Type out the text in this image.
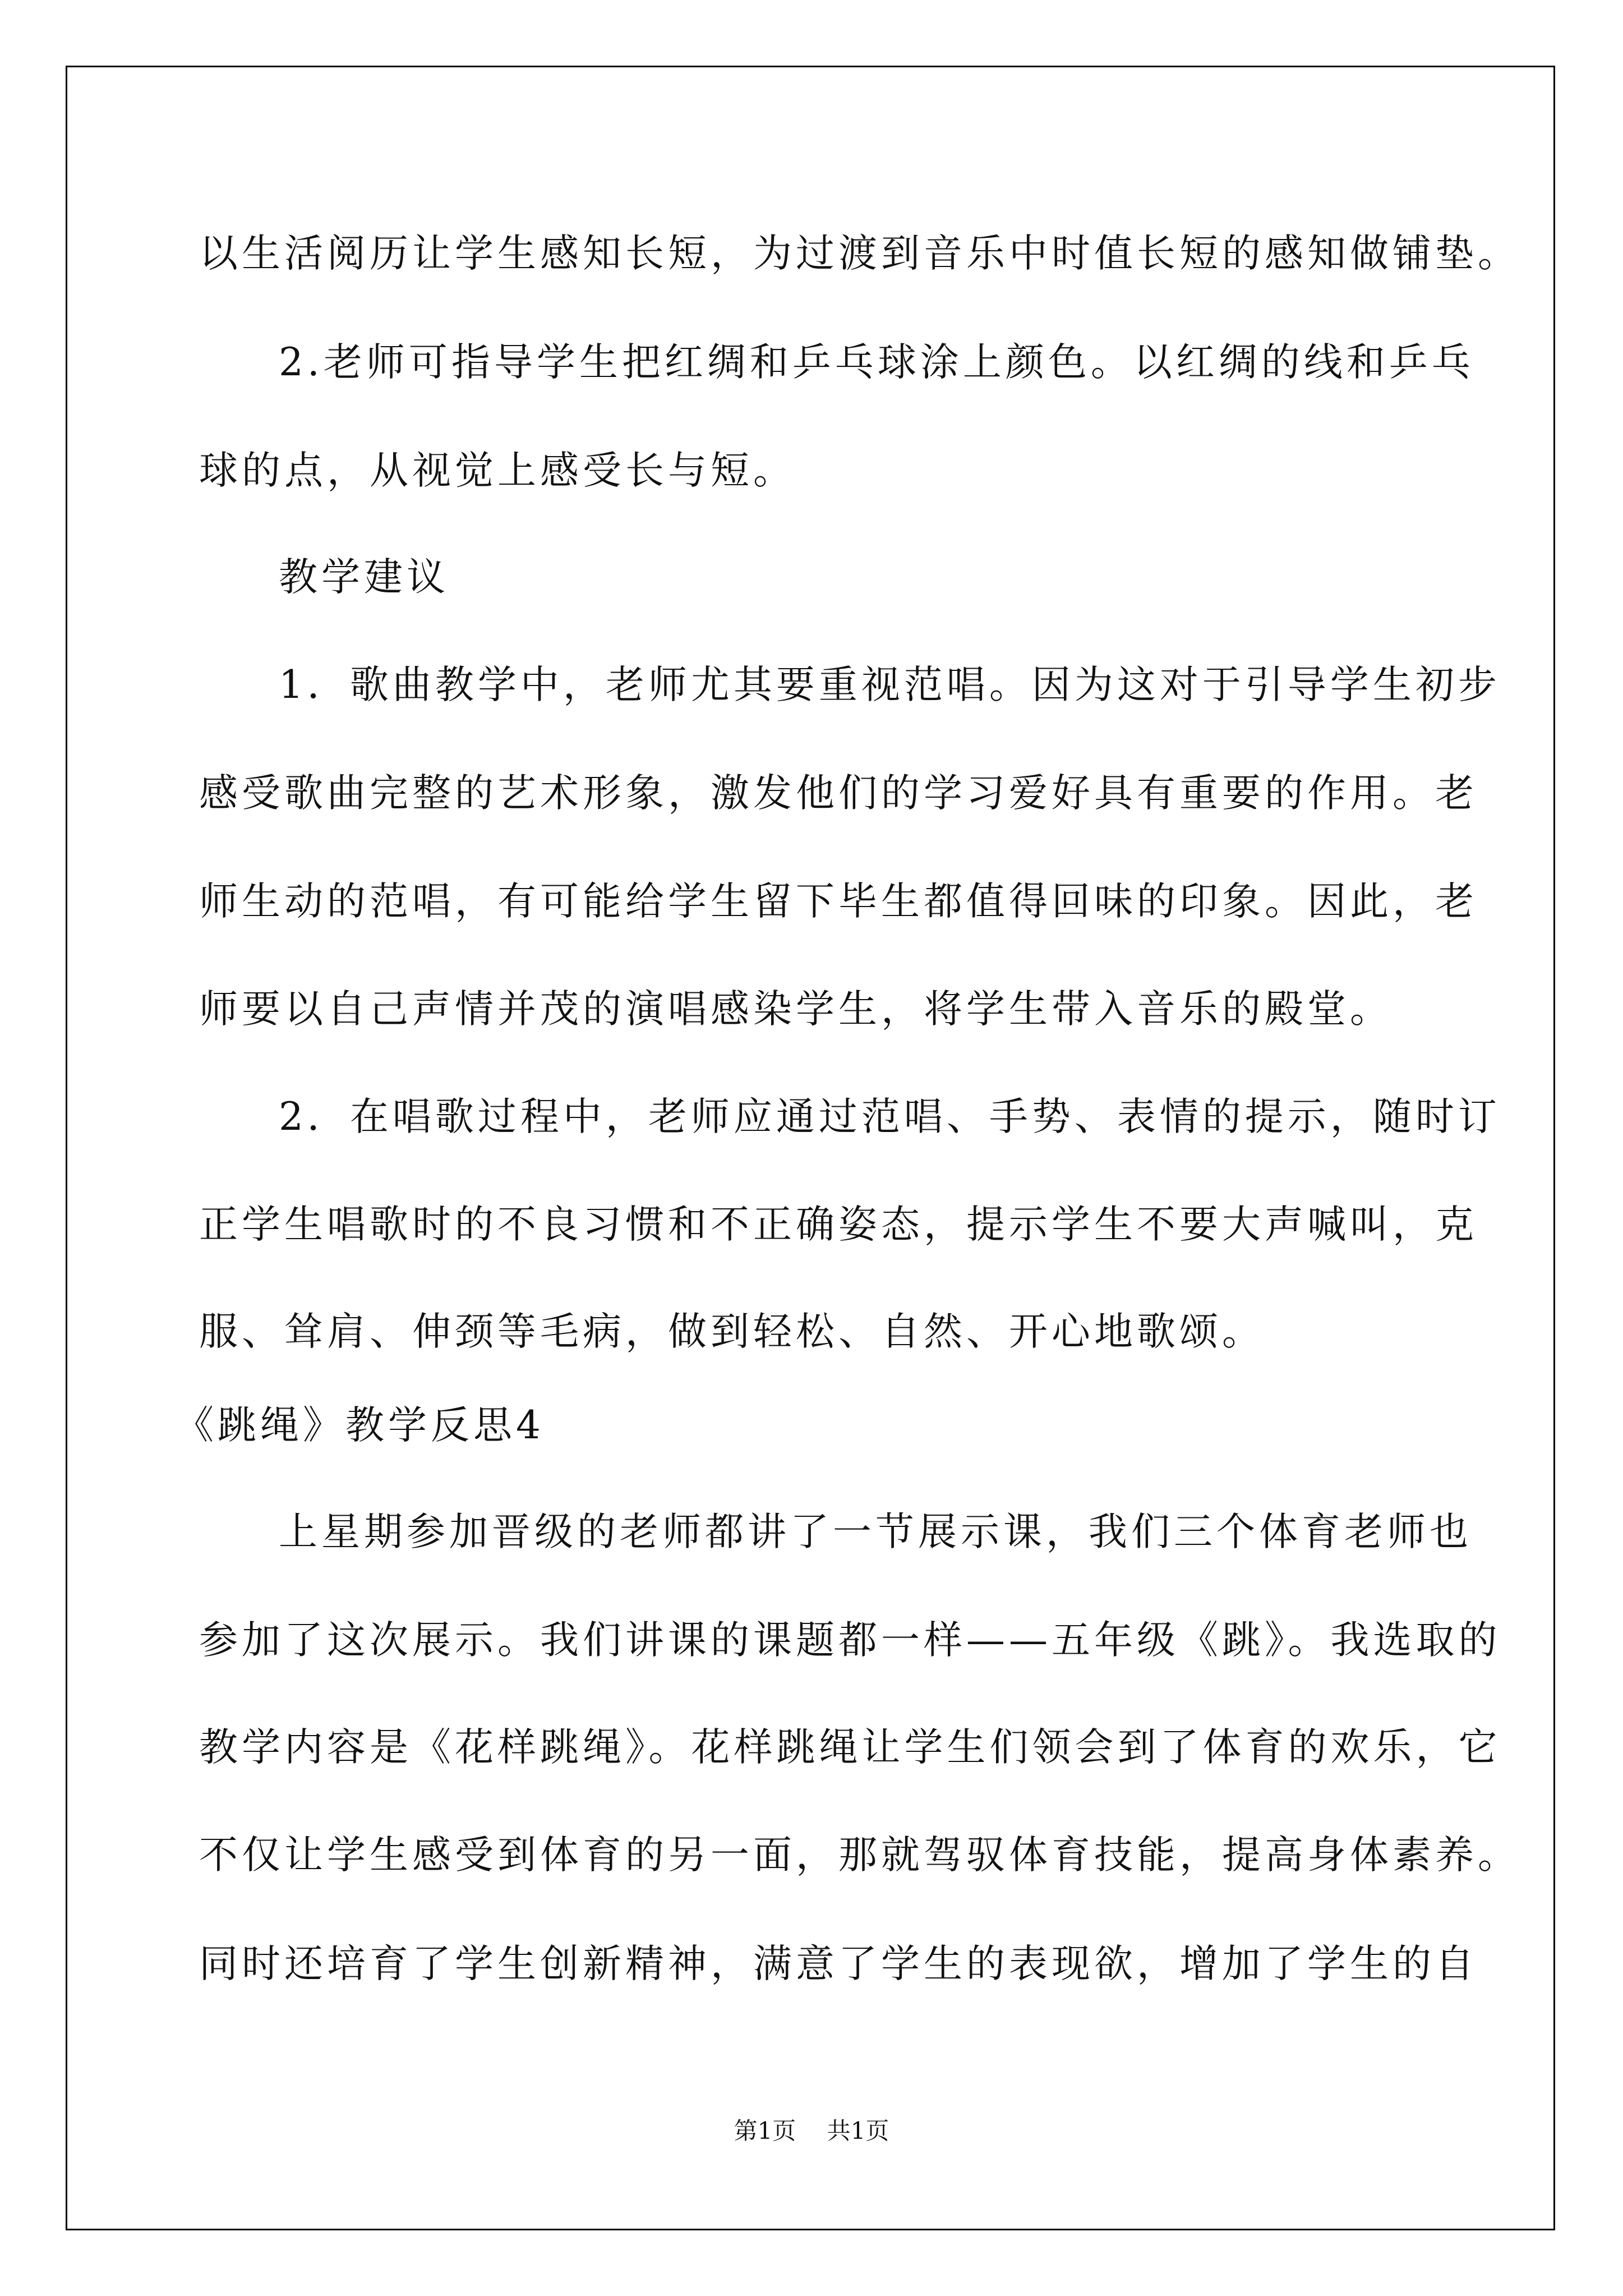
以生活阅历让学生感知长短，为过渡到音乐中时值长短的感知做铺垫。
2.老师可指导学生把红绸和乒乓球涂上颜色。以红绸的线和乒乓
球的点，从视觉上感受长与短。
教学建议
1．歌曲教学中，老师尤其要重视范唱。因为这对于引导学生初步
感受歌曲完整的艺术形象，激发他们的学习爱好具有重要的作用。老
师生动的范唱，有可能给学生留下毕生都值得回味的印象。因此，老
师要以自己声情并茂的演唱感染学生，将学生带入音乐的殿堂。
2．在唱歌过程中，老师应通过范唱、手势、表情的提示，随时订
正学生唱歌时的不良习惯和不正确姿态，提示学生不要大声喊叫，克
服、耸肩、伸颈等毛病，做到轻松、自然、开心地歌颂。
《跳绳》教学反思4
上星期参加晋级的老师都讲了一节展示课，我们三个体育老师也
参加了这次展示。我们讲课的课题都一样——五年级《跳》。我选取的
教学内容是《花样跳绳》。花样跳绳让学生们领会到了体育的欢乐，它
不仅让学生感受到体育的另一面，那就驾驭体育技能，提高身体素养。
同时还培育了学生创新精神，满意了学生的表现欲，增加了学生的自
第1页 共1页
